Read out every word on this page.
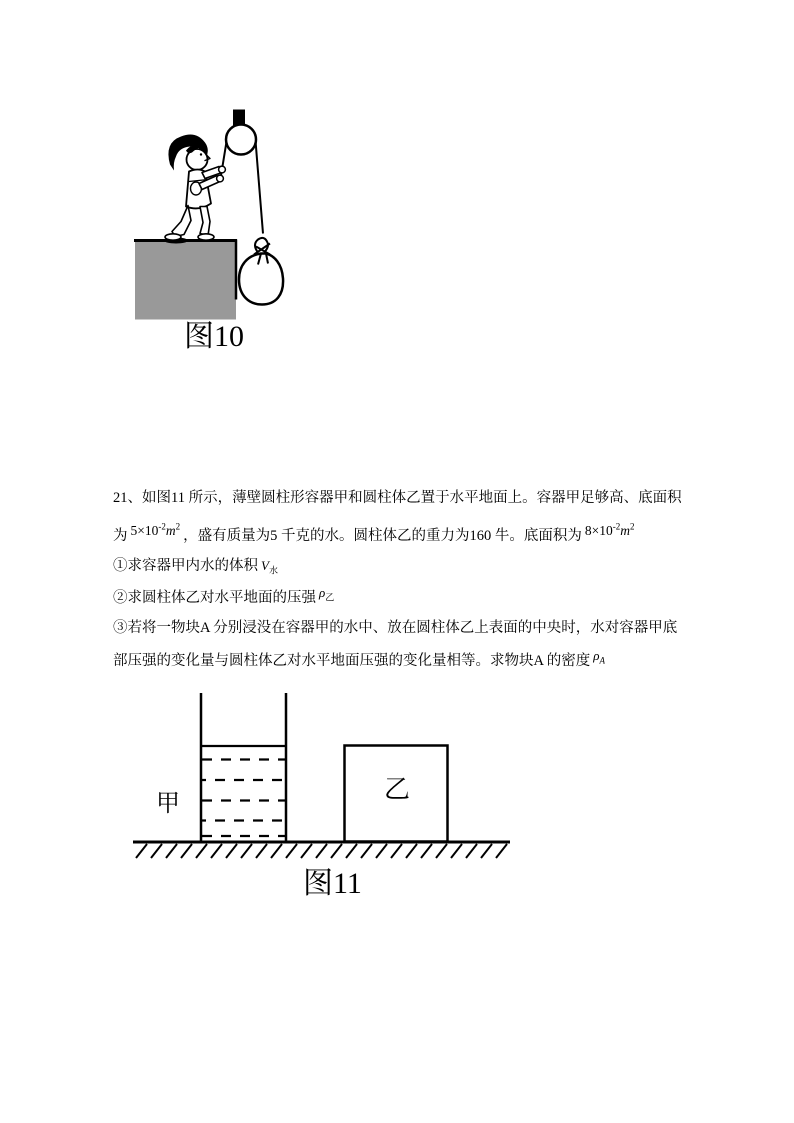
图10
21、如图11 所示，薄壁圆柱形容器甲和圆柱体乙置于水平地面上。容器甲足够高、底面积
为 $5\times 10^{-2}m^2$，盛有质量为5 千克的水。圆柱体乙的重力为160 牛。底面积为 $8\times 10^{-2}m^2$
①求容器甲内水的体积 $V_水$
②求圆柱体乙对水平地面的压强 $\rho_乙$
③若将一物块A 分别浸没在容器甲的水中、放在圆柱体乙上表面的中央时，水对容器甲底
部压强的变化量与圆柱体乙对水平地面压强的变化量相等。求物块A 的密度 $\rho_A$
甲	乙
图11
